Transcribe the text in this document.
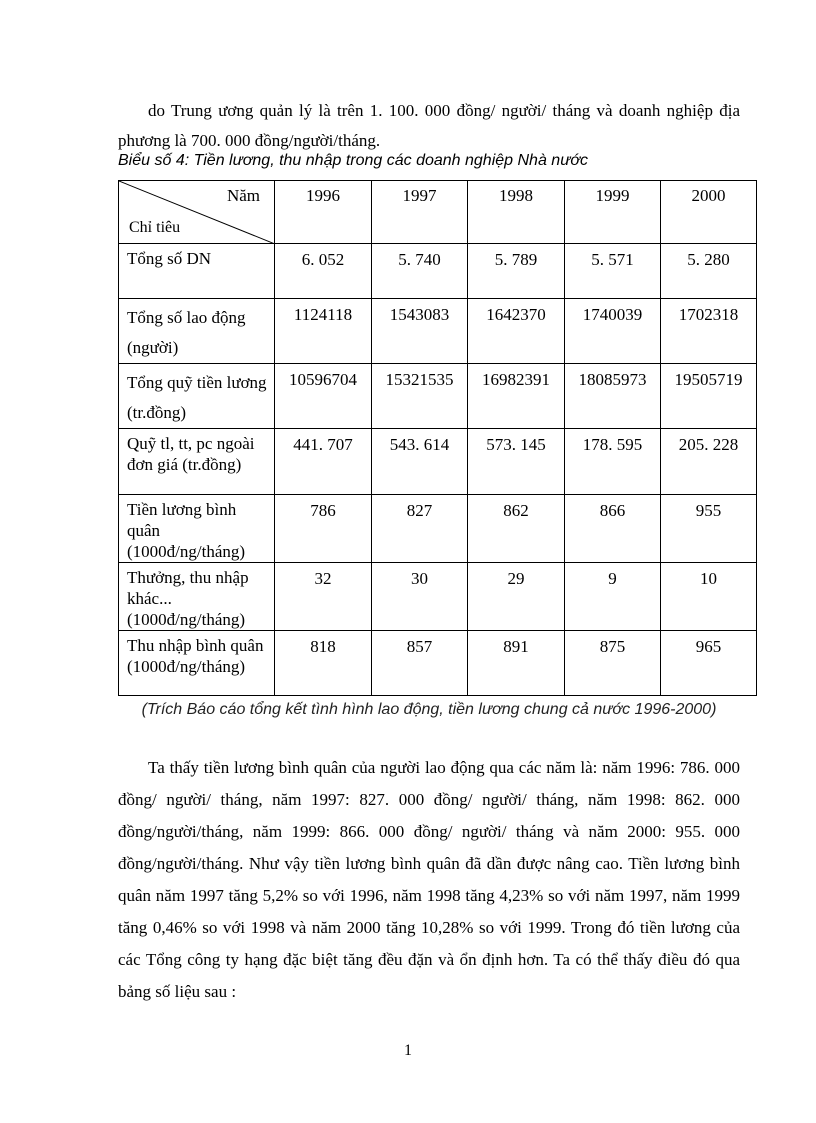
do Trung ương quản lý là trên 1. 100. 000 đồng/ người/ tháng và doanh nghiệp địa phương là 700. 000 đồng/người/tháng.
Biểu số 4: Tiền lương, thu nhập trong các doanh nghiệp Nhà nước
Năm
Chỉ tiêu	1996	1997	1998	1999	2000
Tổng số DN	6. 052	5. 740	5. 789	5. 571	5. 280
Tổng số lao động (người)	1124118	1543083	1642370	1740039	1702318
Tổng quỹ tiền lương (tr.đồng)	10596704	15321535	16982391	18085973	19505719
Quỹ tl, tt, pc ngoài đơn giá (tr.đồng)	441. 707	543. 614	573. 145	178. 595	205. 228
Tiền lương bình quân (1000đ/ng/tháng)	786	827	862	866	955
Thưởng, thu nhập khác... (1000đ/ng/tháng)	32	30	29	9	10
Thu nhập bình quân (1000đ/ng/tháng)	818	857	891	875	965
(Trích Báo cáo tổng kết tình hình lao động, tiền lương chung cả nước 1996-2000)

Ta thấy tiền lương bình quân của người lao động qua các năm là: năm 1996: 786. 000 đồng/ người/ tháng, năm 1997: 827. 000 đồng/ người/ tháng, năm 1998: 862. 000 đồng/người/tháng, năm 1999: 866. 000 đồng/ người/ tháng và năm 2000: 955. 000 đồng/người/tháng. Như vậy tiền lương bình quân đã dần được nâng cao. Tiền lương bình quân năm 1997 tăng 5,2% so với 1996, năm 1998 tăng 4,23% so với năm 1997, năm 1999 tăng 0,46% so với 1998 và năm 2000 tăng 10,28% so với 1999. Trong đó tiền lương của các Tổng công ty hạng đặc biệt tăng đều đặn và ổn định hơn. Ta có thể thấy điều đó qua bảng số liệu sau :

1
